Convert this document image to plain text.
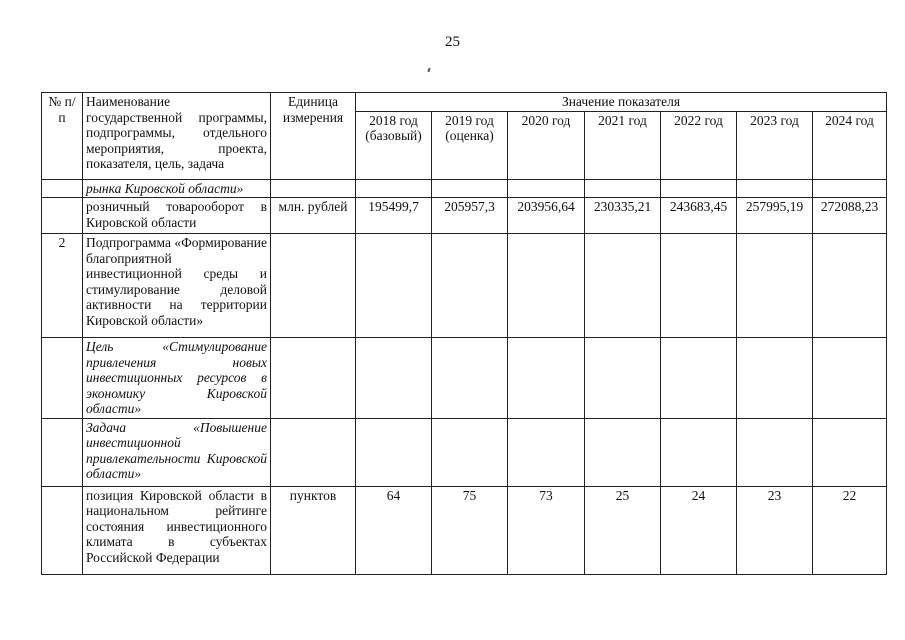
25
№ п/п	Наименование государственной программы, подпрограммы, отдельного мероприятия, проекта, показателя, цель, задача	Единица измерения	Значение показателя						
			2018 год (базовый)	2019 год (оценка)	2020 год	2021 год	2022 год	2023 год	2024 год
	рынка Кировской области»								
	розничный товарооборот в Кировской области	млн. рублей	195499,7	205957,3	203956,64	230335,21	243683,45	257995,19	272088,23
2	Подпрограмма «Формирование благоприятной инвестиционной среды и стимулирование деловой активности на территории Кировской области»								
	Цель «Стимулирование привлечения новых инвестиционных ресурсов в экономику Кировской области»								
	Задача «Повышение инвестиционной привлекательности Кировской области»								
	позиция Кировской области в национальном рейтинге состояния инвестиционного климата в субъектах Российской Федерации	пунктов	64	75	73	25	24	23	22
